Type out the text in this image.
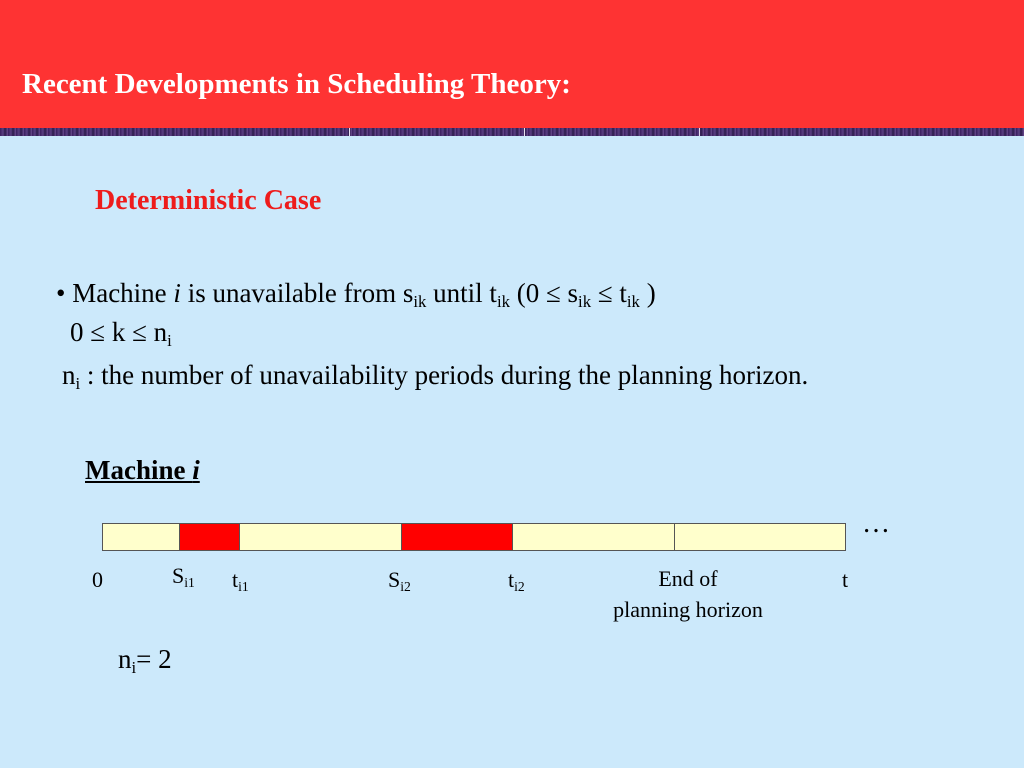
Recent Developments in Scheduling Theory:
Deterministic Case
• Machine i is unavailable from $s_{ik}$ until $t_{ik}$ ($0 \le s_{ik} \le t_{ik}$ )
$0 \le k \le n_i$
$n_i$ : the number of unavailability periods during the planning horizon.
Machine i
…
0	$S_{i1}$ $t_{i1}$	$S_{i2}$	$t_{i2}$	End of
planning horizon
t
$n_i= 2$
